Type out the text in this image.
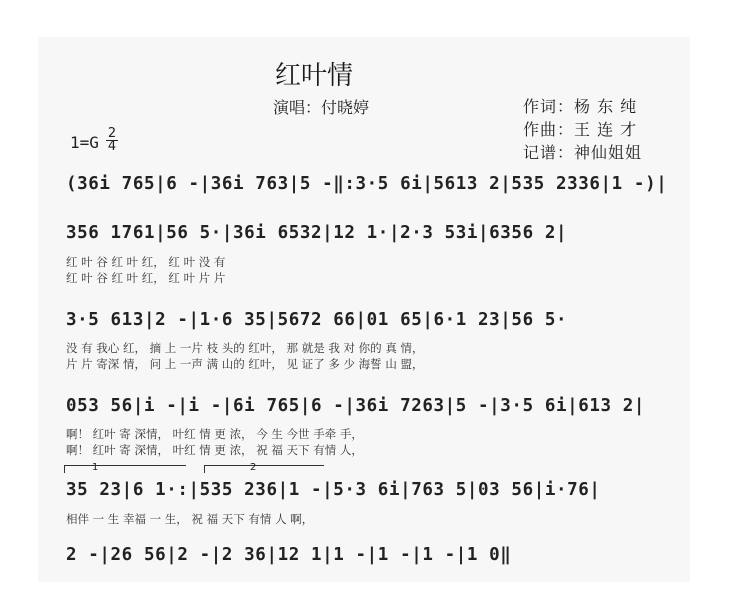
红叶情
演唱：付晓婷	作词：杨 东 纯
作曲：王 连 才
记谱：神仙姐姐
1=G 2
4
(36i 765|6 -|36i 763|5 -‖:3·5 6i|5613 2|535 2336|1 -)|
356 1761|56 5·|36i 6532|12 1·|2·3 53i|6356 2|
红 叶 谷 红 叶 红， 红 叶 没 有
红 叶 谷 红 叶 红， 红 叶 片 片
3·5 613|2 -|1·6 35|5672 66|01 65|6·1 23|56 5·
没 有 我心 红， 摘 上 一片 枝 头的 红叶， 那 就是 我 对 你的 真 情，
片 片 寄深 情， 问 上 一声 满 山的 红叶， 见 证了 多 少 海誓 山 盟，
053 56|i -|i -|6i 765|6 -|36i 7263|5 -|3·5 6i|613 2|
啊！ 红叶 寄 深情， 叶红 情 更 浓， 今 生 今世 手牵 手，
啊！ 红叶 寄 深情， 叶红 情 更 浓， 祝 福 天下 有情 人，
1	2
35 23|6 1·:|535 236|1 -|5·3 6i|763 5|03 56|i·76|
相伴 一 生 幸福 一 生， 祝 福 天下 有情 人 啊，
2 -|26 56|2 -|2 36|12 1|1 -|1 -|1 -|1 0‖
